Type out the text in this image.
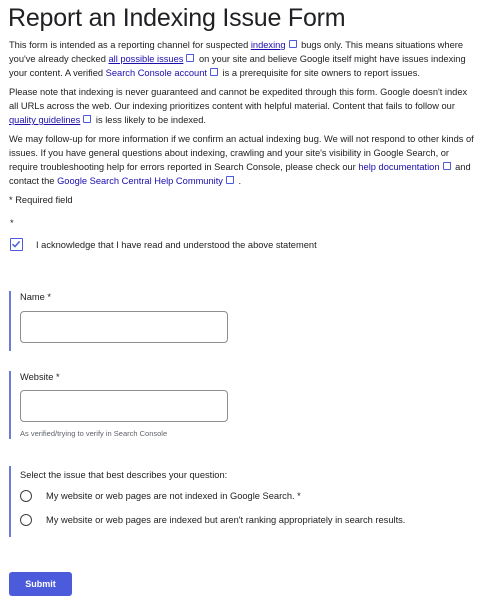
Report an Indexing Issue Form

This form is intended as a reporting channel for suspected indexing bugs only. This means situations where you've already checked all possible issues on your site and believe Google itself might have issues indexing your content. A verified Search Console account is a prerequisite for site owners to report issues.

Please note that indexing is never guaranteed and cannot be expedited through this form. Google doesn't index all URLs across the web. Our indexing prioritizes content with helpful material. Content that fails to follow our quality guidelines is less likely to be indexed.

We may follow-up for more information if we confirm an actual indexing bug. We will not respond to other kinds of issues. If you have general questions about indexing, crawling and your site's visibility in Google Search, or require troubleshooting help for errors reported in Search Console, please check our help documentation and contact the Google Search Central Help Community .

* Required field
*
I acknowledge that I have read and understood the above statement
Name *
Website *
As verified/trying to verify in Search Console
Select the issue that best describes your question:
My website or web pages are not indexed in Google Search. *
My website or web pages are indexed but aren't ranking appropriately in search results.
Submit
